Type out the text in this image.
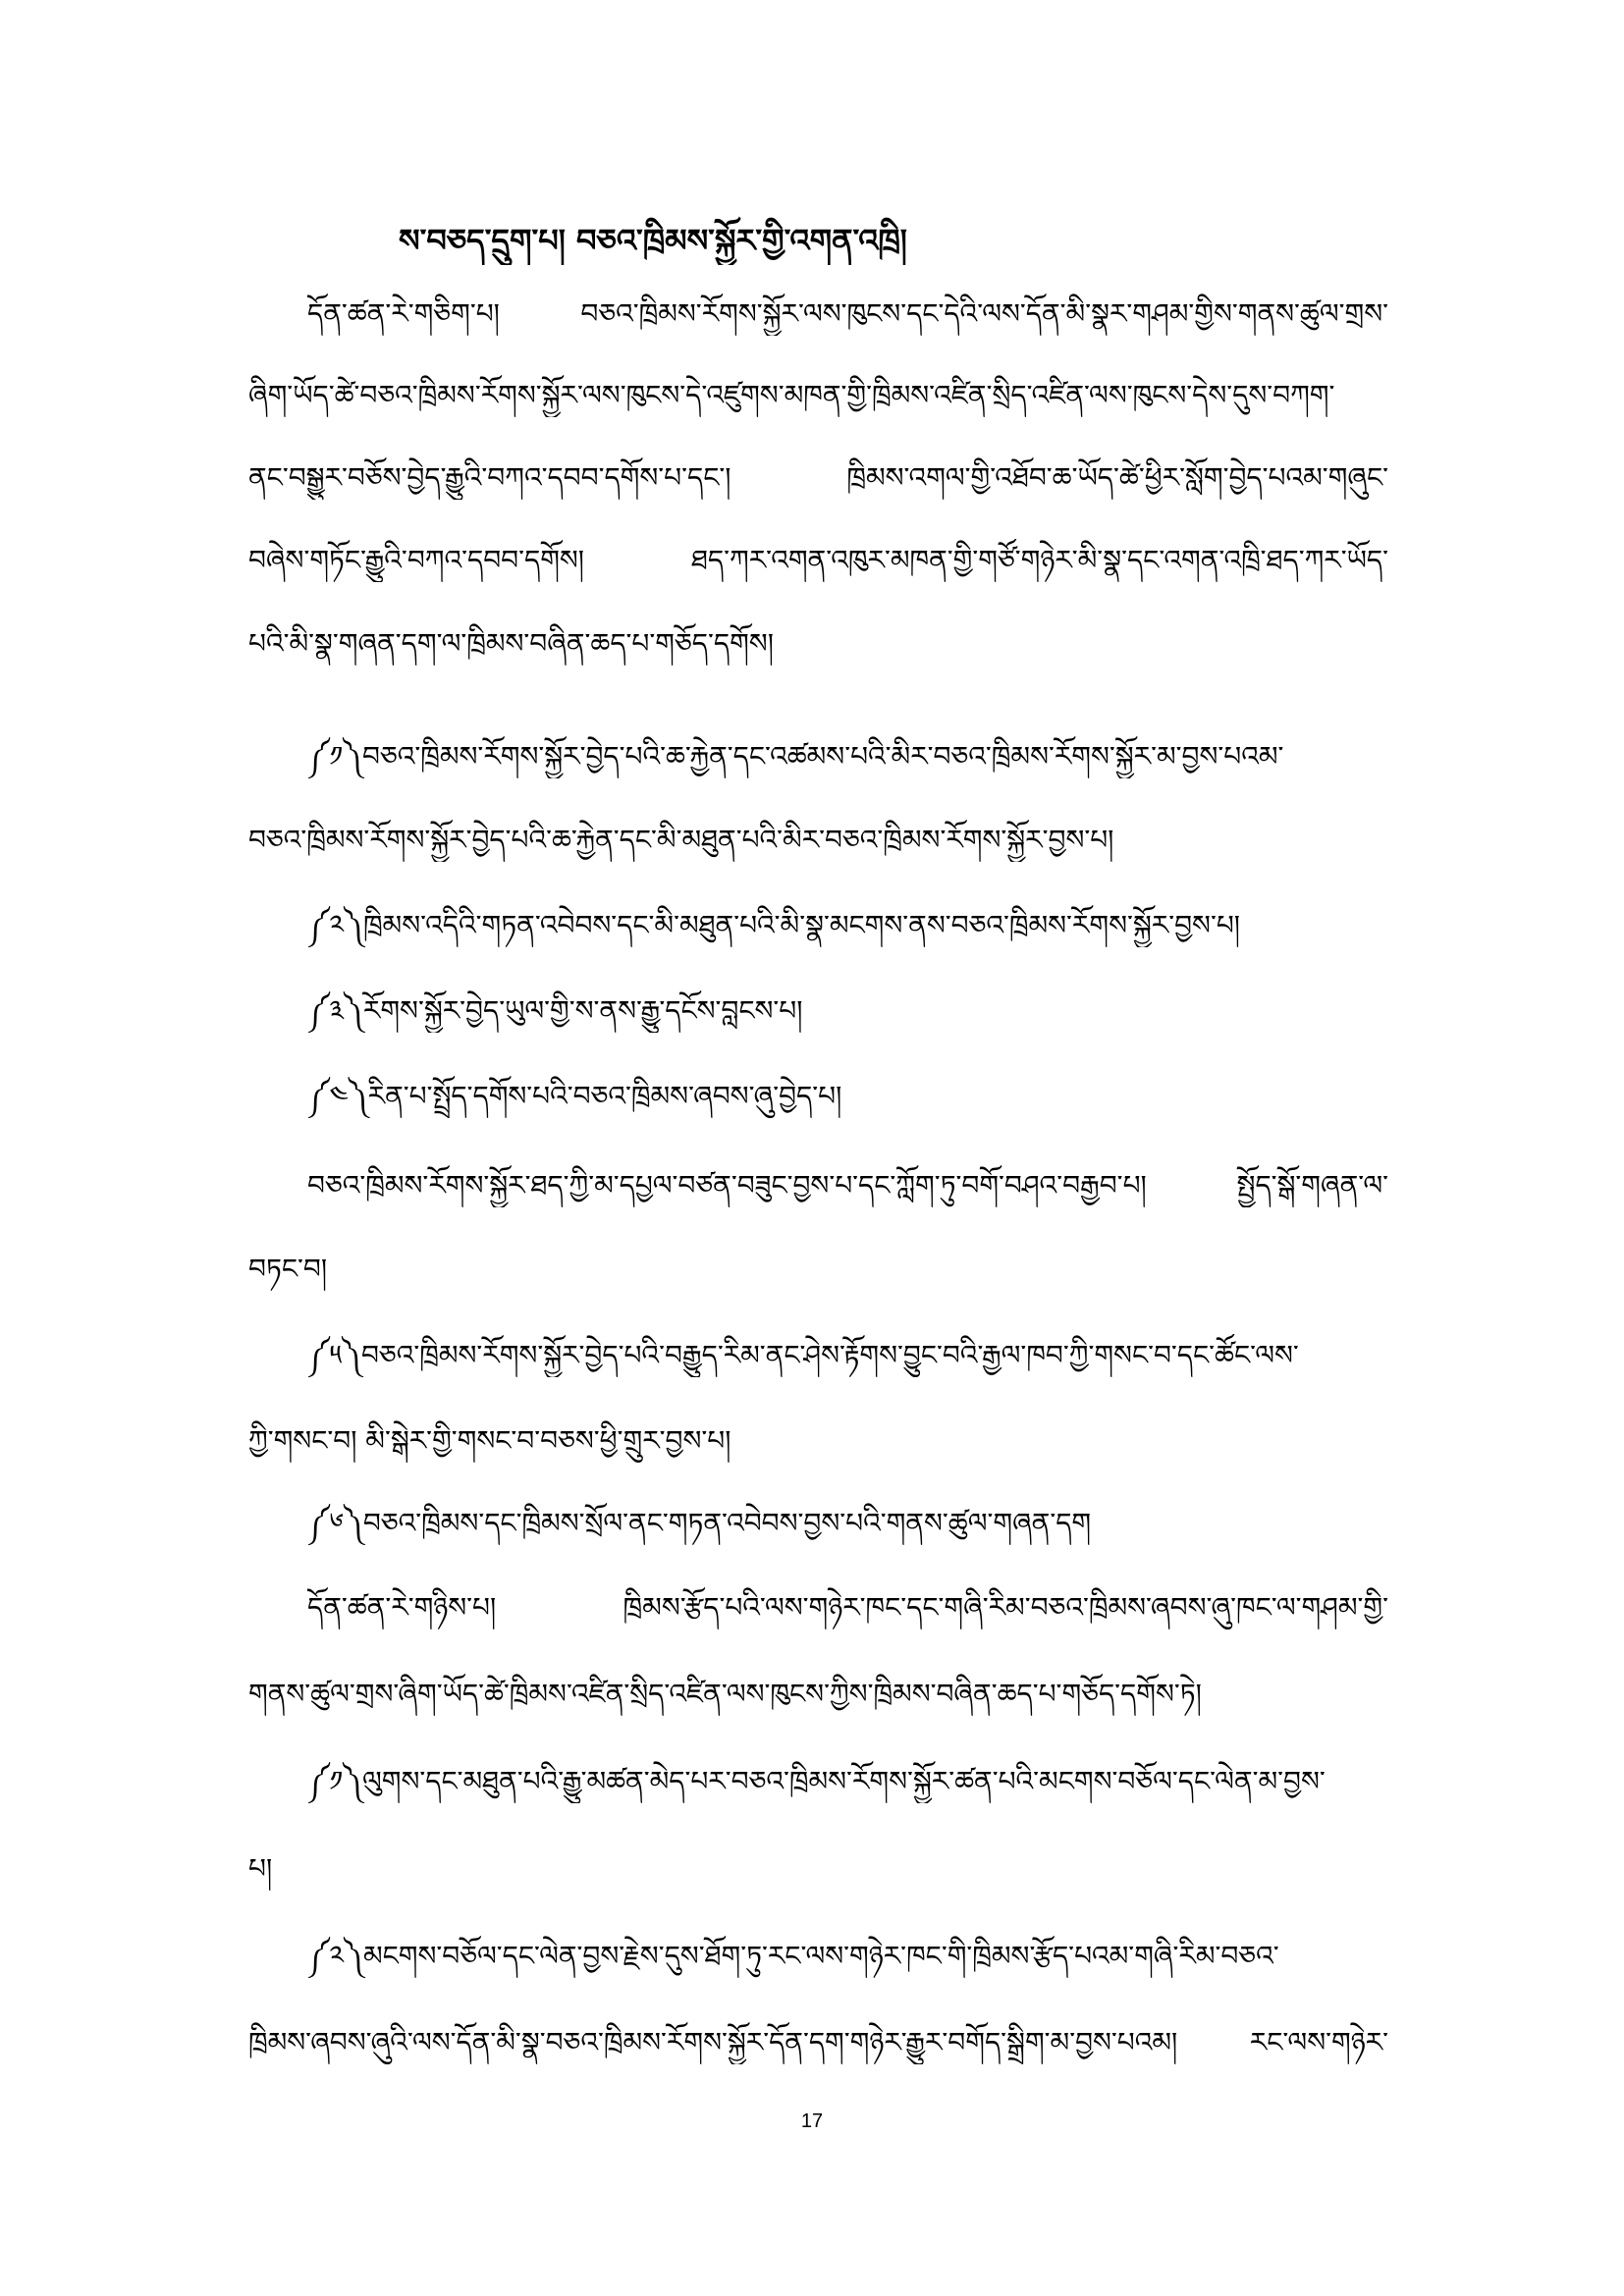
ས་བཅད་དྲུག་པ། བཅའ་ཁྲིམས་སྐྱོར་གྱི་འགན་འཁྲི།
དོན་ཚན་རེ་གཅིག་པ། བཅའ་ཁྲིམས་རོགས་སྐྱོར་ལས་ཁུངས་དང་དེའི་ལས་དོན་མི་སྣར་གཤམ་གྱིས་གནས་ཚུལ་གྲས་
ཞིག་ཡོད་ཚེ་བཅའ་ཁྲིམས་རོགས་སྐྱོར་ལས་ཁུངས་དེ་འཛུགས་མཁན་གྱི་ཁྲིམས་འཛིན་སྲིད་འཛིན་ལས་ཁུངས་དེས་དུས་བཀག་
ནང་བསྒྱུར་བཅོས་བྱེད་རྒྱུའི་བཀའ་དབབ་དགོས་པ་དང་། ཁྲིམས་འགལ་གྱི་འཐོབ་ཆ་ཡོད་ཚེ་ཕྱིར་སློག་བྱེད་པའམ་གཞུང་
བཞེས་གཏོང་རྒྱུའི་བཀའ་དབབ་དགོས། ཐད་ཀར་འགན་འཁུར་མཁན་གྱི་གཙོ་གཉེར་མི་སྣ་དང་འགན་འཁྲི་ཐད་ཀར་ཡོད་
པའི་མི་སྣ་གཞན་དག་ལ་ཁྲིམས་བཞིན་ཆད་པ་གཅོད་དགོས།
༼༡༽བཅའ་ཁྲིམས་རོགས་སྐྱོར་བྱེད་པའི་ཆ་རྐྱེན་དང་འཚམས་པའི་མིར་བཅའ་ཁྲིམས་རོགས་སྐྱོར་མ་བྱས་པའམ་
བཅའ་ཁྲིམས་རོགས་སྐྱོར་བྱེད་པའི་ཆ་རྐྱེན་དང་མི་མཐུན་པའི་མིར་བཅའ་ཁྲིམས་རོགས་སྐྱོར་བྱས་པ།
༼༢༽ཁྲིམས་འདིའི་གཏན་འབེབས་དང་མི་མཐུན་པའི་མི་སྣ་མངགས་ནས་བཅའ་ཁྲིམས་རོགས་སྐྱོར་བྱས་པ།
༼༣༽རོགས་སྐྱོར་བྱེད་ཡུལ་གྱི་ས་ནས་རྒྱུ་དངོས་བླངས་པ།
༼༤༽རིན་པ་སྤྲོད་དགོས་པའི་བཅའ་ཁྲིམས་ཞབས་ཞུ་བྱེད་པ།
བཅའ་ཁྲིམས་རོགས་སྐྱོར་ཐད་ཀྱི་མ་དཔྱལ་བཙན་བཟུང་བྱས་པ་དང་ཀློག་ཏུ་བགོ་བཤའ་བརྒྱབ་པ། སྤྱོད་སྒོ་གཞན་ལ་
བཏང་བ།
༼༥༽བཅའ་ཁྲིམས་རོགས་སྐྱོར་བྱེད་པའི་བརྒྱུད་རིམ་ནང་ཤེས་རྟོགས་བྱུང་བའི་རྒྱལ་ཁབ་ཀྱི་གསང་བ་དང་ཚོང་ལས་
ཀྱི་གསང་བ། མི་སྒེར་གྱི་གསང་བ་བཅས་ཕྱི་གྲུར་བྱས་པ།
༼༦༽བཅའ་ཁྲིམས་དང་ཁྲིམས་སྲོལ་ནང་གཏན་འབེབས་བྱས་པའི་གནས་ཚུལ་གཞན་དག
དོན་ཚན་རེ་གཉིས་པ། ཁྲིམས་རྩོད་པའི་ལས་གཉེར་ཁང་དང་གཞི་རིམ་བཅའ་ཁྲིམས་ཞབས་ཞུ་ཁང་ལ་གཤམ་གྱི་
གནས་ཚུལ་གྲས་ཞིག་ཡོད་ཚེ་ཁྲིམས་འཛིན་སྲིད་འཛིན་ལས་ཁུངས་ཀྱིས་ཁྲིམས་བཞིན་ཆད་པ་གཅོད་དགོས་ཏེ།
༼༡༽ལུགས་དང་མཐུན་པའི་རྒྱུ་མཚན་མེད་པར་བཅའ་ཁྲིམས་རོགས་སྐྱོར་ཚན་པའི་མངགས་བཅོལ་དང་ལེན་མ་བྱས་
པ།
༼༢༽མངགས་བཅོལ་དང་ལེན་བྱས་རྗེས་དུས་ཐོག་ཏུ་རང་ལས་གཉེར་ཁང་གི་ཁྲིམས་རྩོད་པའམ་གཞི་རིམ་བཅའ་
ཁྲིམས་ཞབས་ཞུའི་ལས་དོན་མི་སྣ་བཅའ་ཁྲིམས་རོགས་སྐྱོར་དོན་དག་གཉེར་རྒྱུར་བགོད་སྒྲིག་མ་བྱས་པའམ། རང་ལས་གཉེར་
17
